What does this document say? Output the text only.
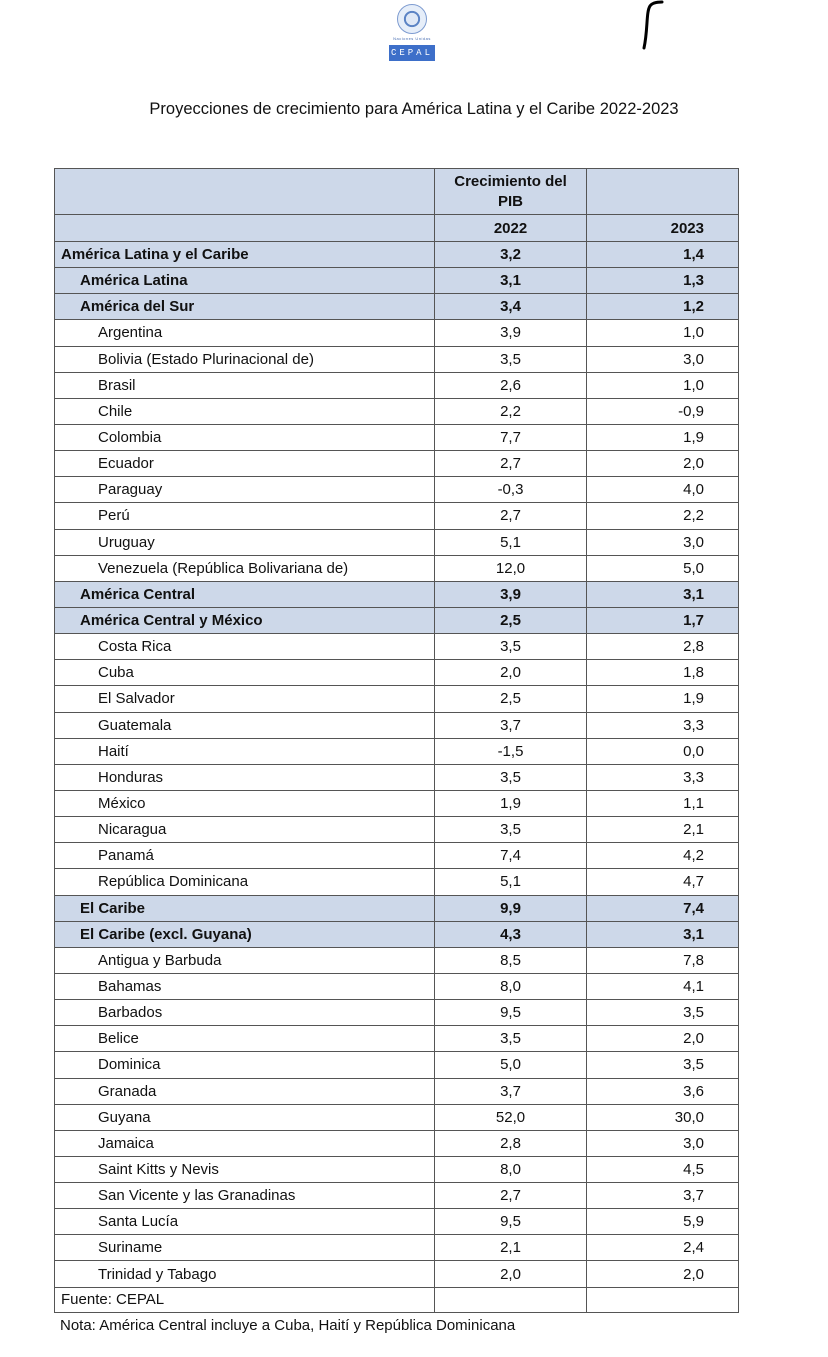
Naciones Unidas
CEPAL
Proyecciones de crecimiento para América Latina y el Caribe 2022-2023
	Crecimiento del PIB	
	2022	2023
América Latina y el Caribe	3,2	1,4
América Latina	3,1	1,3
América del Sur	3,4	1,2
Argentina	3,9	1,0
Bolivia (Estado Plurinacional de)	3,5	3,0
Brasil	2,6	1,0
Chile	2,2	-0,9
Colombia	7,7	1,9
Ecuador	2,7	2,0
Paraguay	-0,3	4,0
Perú	2,7	2,2
Uruguay	5,1	3,0
Venezuela (República Bolivariana de)	12,0	5,0
América Central	3,9	3,1
América Central y México	2,5	1,7
Costa Rica	3,5	2,8
Cuba	2,0	1,8
El Salvador	2,5	1,9
Guatemala	3,7	3,3
Haití	-1,5	0,0
Honduras	3,5	3,3
México	1,9	1,1
Nicaragua	3,5	2,1
Panamá	7,4	4,2
República Dominicana	5,1	4,7
El Caribe	9,9	7,4
El Caribe (excl. Guyana)	4,3	3,1
Antigua y Barbuda	8,5	7,8
Bahamas	8,0	4,1
Barbados	9,5	3,5
Belice	3,5	2,0
Dominica	5,0	3,5
Granada	3,7	3,6
Guyana	52,0	30,0
Jamaica	2,8	3,0
Saint Kitts y Nevis	8,0	4,5
San Vicente y las Granadinas	2,7	3,7
Santa Lucía	9,5	5,9
Suriname	2,1	2,4
Trinidad y Tabago	2,0	2,0
Fuente: CEPAL		
Nota: América Central incluye a Cuba, Haití y República Dominicana
